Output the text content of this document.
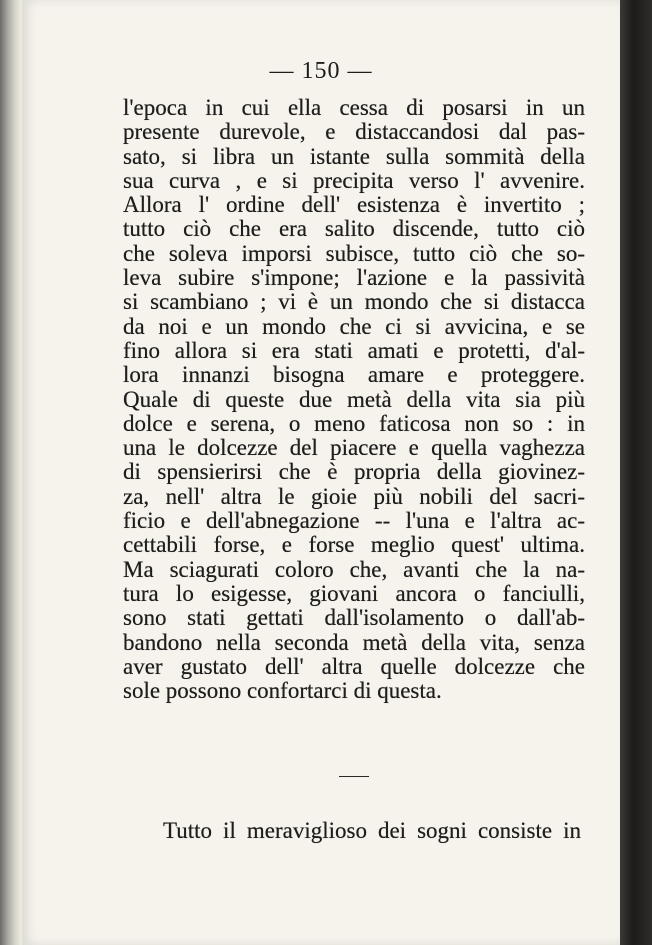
— 150 —
l'epoca in cui ella cessa di posarsi in un
presente durevole, e distaccandosi dal pas-
sato, si libra un istante sulla sommità della
sua curva , e si precipita verso l' avvenire.
Allora l' ordine dell' esistenza è invertito ;
tutto ciò che era salito discende, tutto ciò
che soleva imporsi subisce, tutto ciò che so-
leva subire s'impone; l'azione e la passività
si scambiano ; vi è un mondo che si distacca
da noi e un mondo che ci si avvicina, e se
fino allora si era stati amati e protetti, d'al-
lora innanzi bisogna amare e proteggere.
Quale di queste due metà della vita sia più
dolce e serena, o meno faticosa non so : in
una le dolcezze del piacere e quella vaghezza
di spensierirsi che è propria della giovinez-
za, nell' altra le gioie più nobili del sacri-
ficio e dell'abnegazione -- l'una e l'altra ac-
cettabili forse, e forse meglio quest' ultima.
Ma sciagurati coloro che, avanti che la na-
tura lo esigesse, giovani ancora o fanciulli,
sono stati gettati dall'isolamento o dall'ab-
bandono nella seconda metà della vita, senza
aver gustato dell' altra quelle dolcezze che
sole possono confortarci di questa.
Tutto il meraviglioso dei sogni consiste in
